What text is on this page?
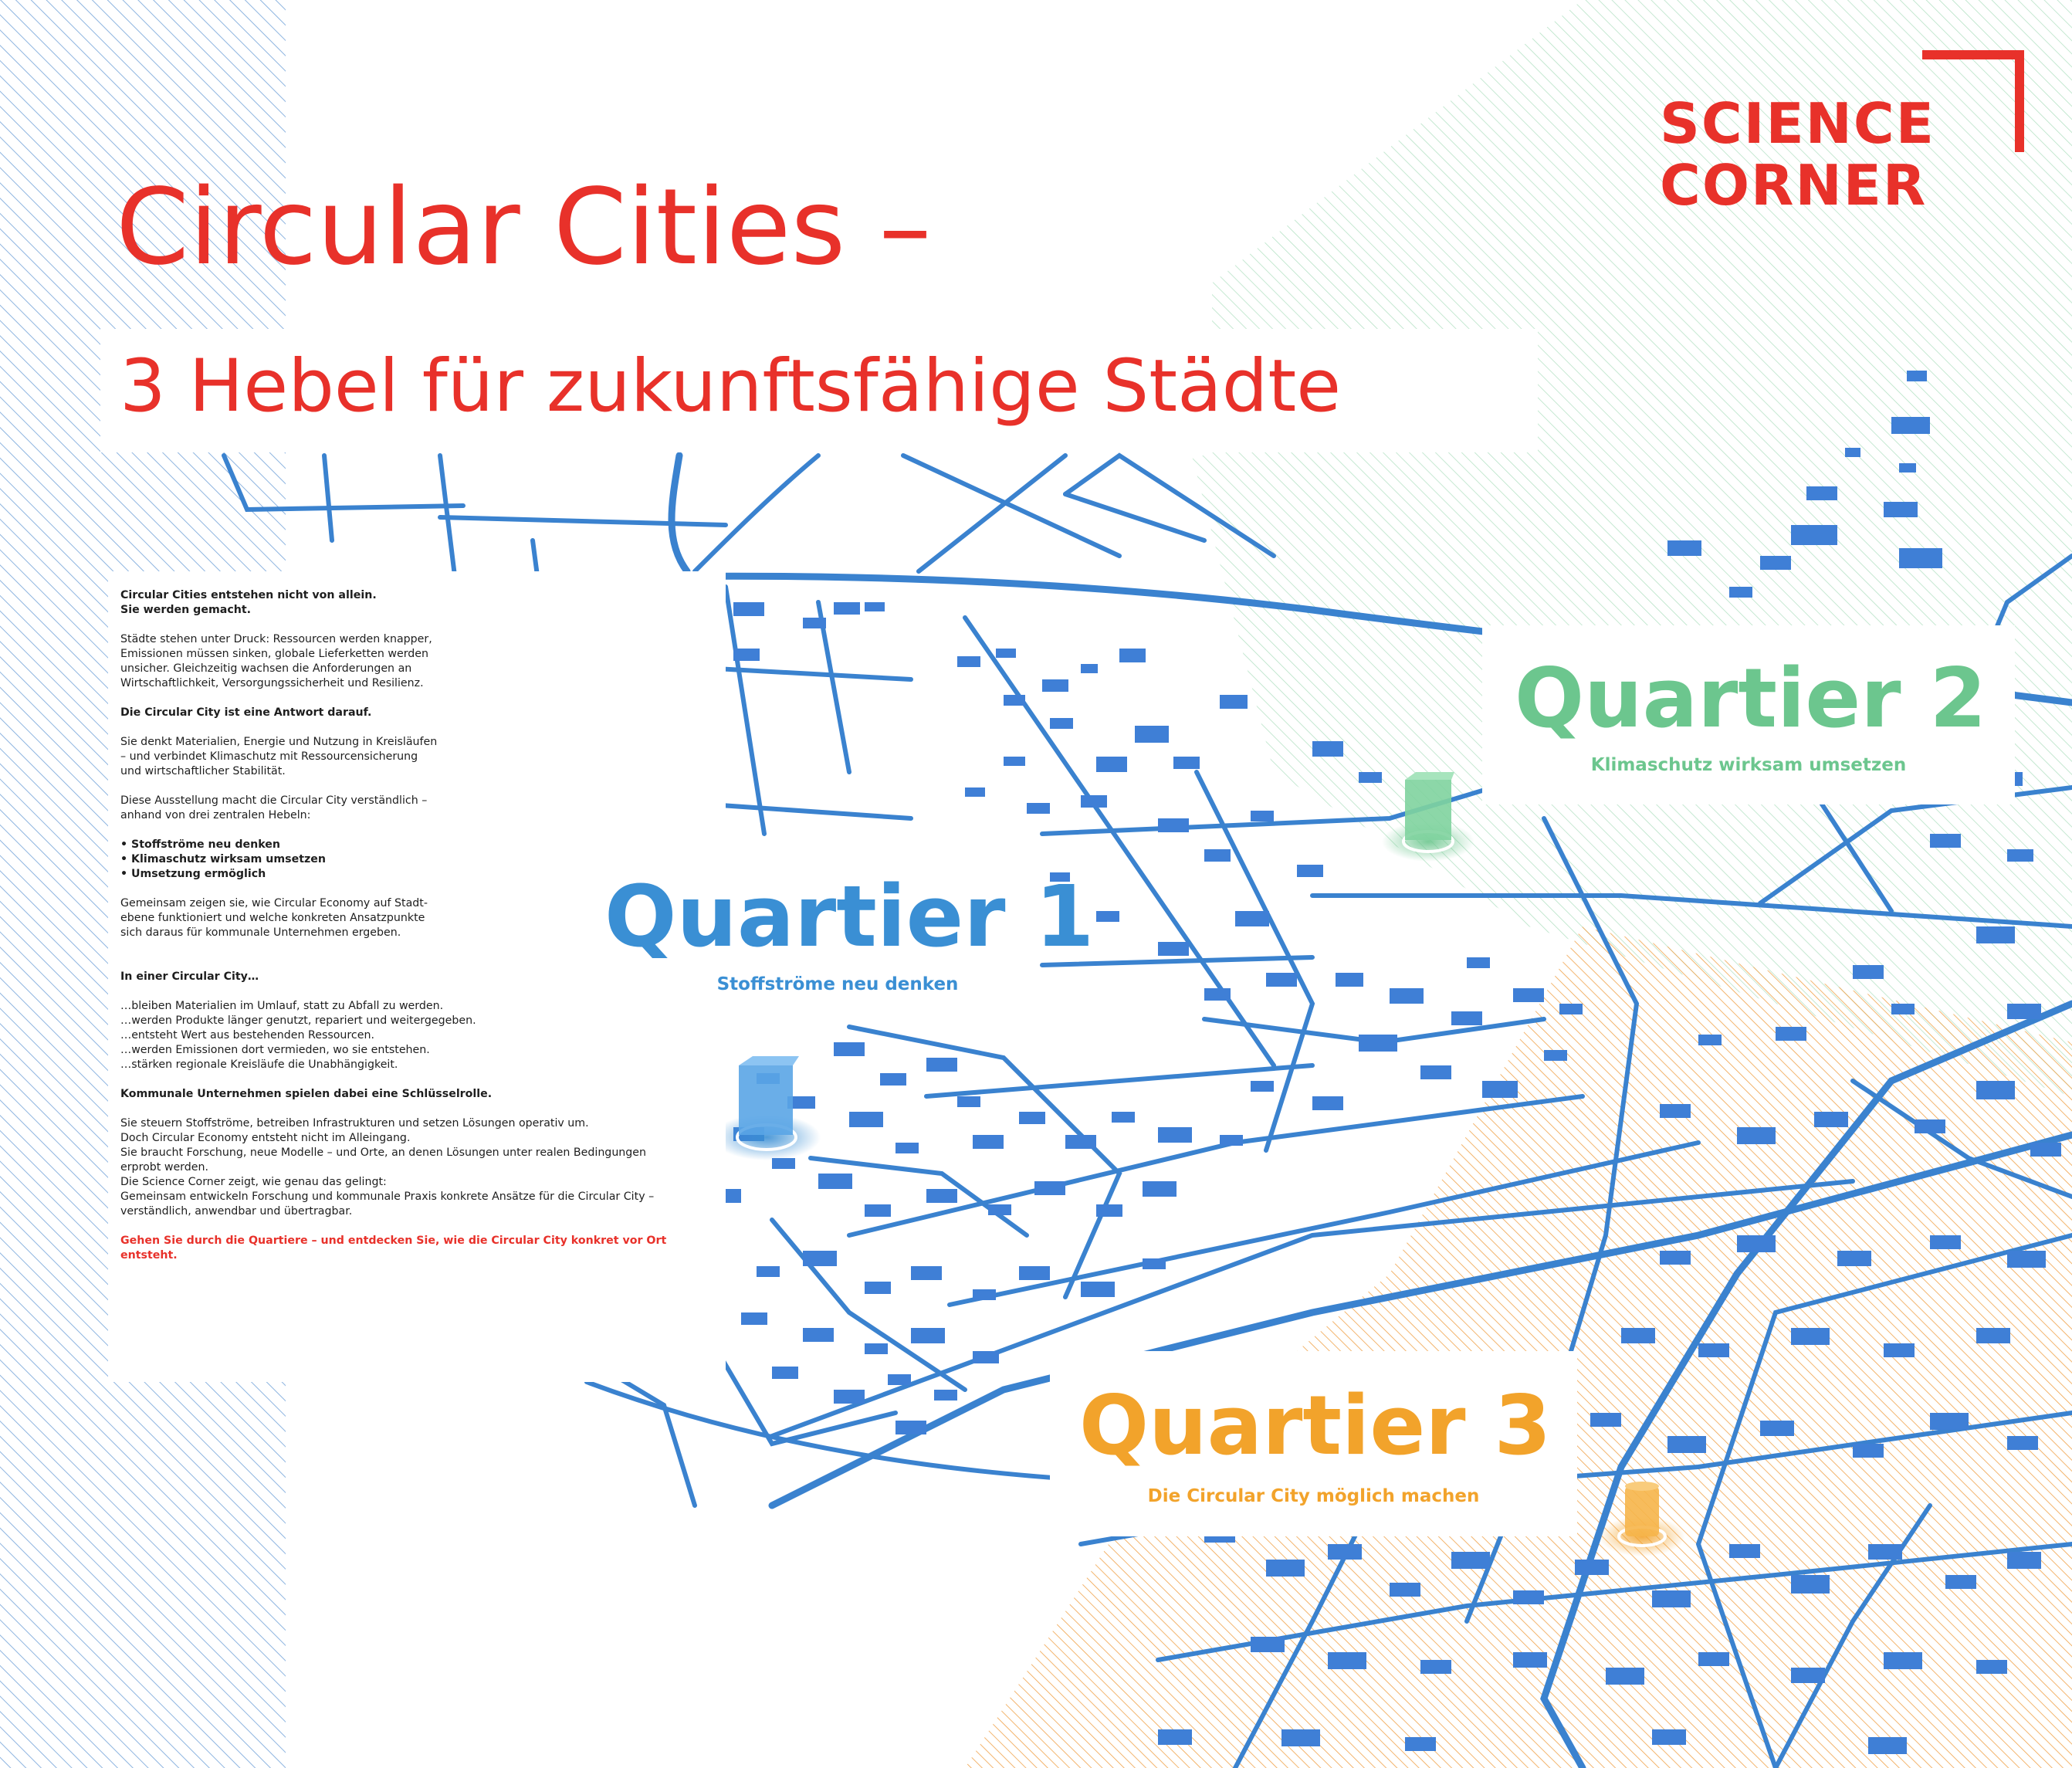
SCIENCE
CORNER
Circular Cities –
3 Hebel für zukunftsfähige Städte

Circular Cities entstehen nicht von allein.
Sie werden gemacht.

Städte stehen unter Druck: Ressourcen werden knapper,
Emissionen müssen sinken, globale Lieferketten werden
unsicher. Gleichzeitig wachsen die Anforderungen an
Wirtschaftlichkeit, Versorgungssicherheit und Resilienz.

Die Circular City ist eine Antwort darauf.

Sie denkt Materialien, Energie und Nutzung in Kreisläufen
– und verbindet Klimaschutz mit Ressourcensicherung
und wirtschaftlicher Stabilität.

Diese Ausstellung macht die Circular City verständlich –
anhand von drei zentralen Hebeln:

• Stoffströme neu denken
• Klimaschutz wirksam umsetzen
• Umsetzung ermöglich

Gemeinsam zeigen sie, wie Circular Economy auf Stadt-
ebene funktioniert und welche konkreten Ansatzpunkte
sich daraus für kommunale Unternehmen ergeben.

In einer Circular City…

…bleiben Materialien im Umlauf, statt zu Abfall zu werden.
…werden Produkte länger genutzt, repariert und weitergegeben.
…entsteht Wert aus bestehenden Ressourcen.
…werden Emissionen dort vermieden, wo sie entstehen.
…stärken regionale Kreisläufe die Unabhängigkeit.

Kommunale Unternehmen spielen dabei eine Schlüsselrolle.

Sie steuern Stoffströme, betreiben Infrastrukturen und setzen Lösungen operativ um.
Doch Circular Economy entsteht nicht im Alleingang.
Sie braucht Forschung, neue Modelle – und Orte, an denen Lösungen unter realen Bedingungen
erprobt werden.
Die Science Corner zeigt, wie genau das gelingt:
Gemeinsam entwickeln Forschung und kommunale Praxis konkrete Ansätze für die Circular City –
verständlich, anwendbar und übertragbar.

Gehen Sie durch die Quartiere – und entdecken Sie, wie die Circular City konkret vor Ort entsteht.

Quartier 2
Klimaschutz wirksam umsetzen
Quartier 1
Stoffströme neu denken
Quartier 3
Die Circular City möglich machen
